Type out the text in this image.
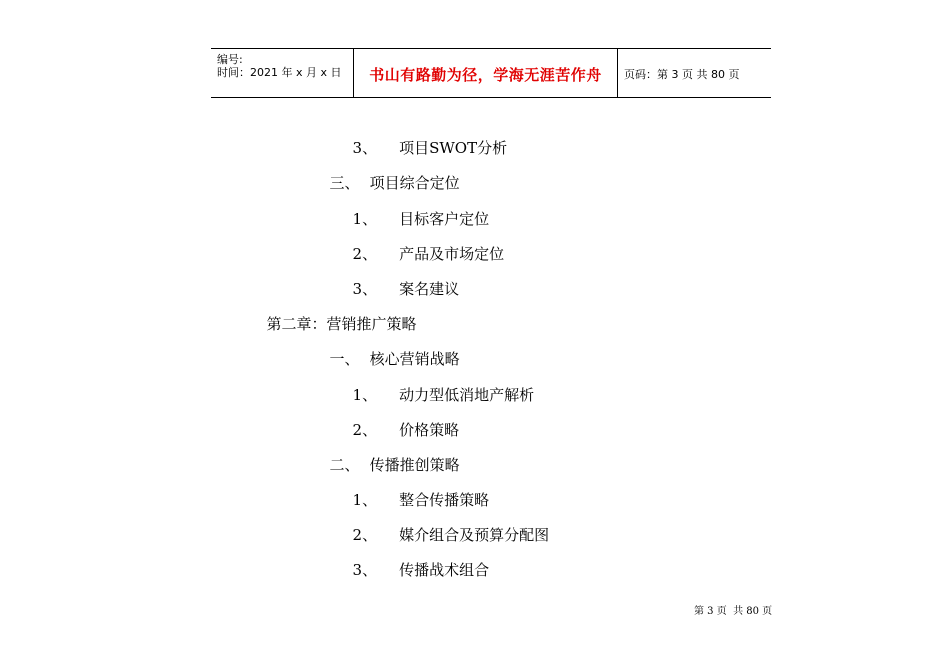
编号:
时间：2021 年 x 月 x 日	书山有路勤为径，学海无涯苦作舟	页码：第 3 页 共 80 页

3、 项目SWOT分析

三、 项目综合定位

1、 目标客户定位

2、 产品及市场定位

3、 案名建议

第二章：营销推广策略

一、 核心营销战略

1、 动力型低消地产解析

2、 价格策略

二、 传播推创策略

1、 整合传播策略

2、 媒介组合及预算分配图

3、 传播战术组合

第 3 页  共 80 页
